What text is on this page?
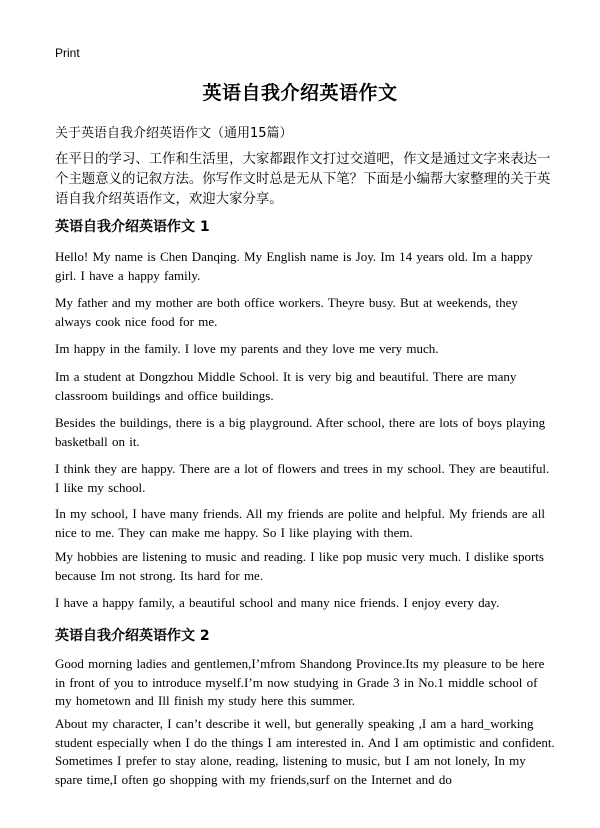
Print
英语自我介绍英语作文
关于英语自我介绍英语作文（通用15篇）

在平日的学习、工作和生活里，大家都跟作文打过交道吧，作文是通过文字来表达一个主题意义的记叙方法。你写作文时总是无从下笔？下面是小编帮大家整理的关于英语自我介绍英语作文，欢迎大家分享。

英语自我介绍英语作文 1

Hello! My name is Chen Danqing. My English name is Joy. Im 14 years old. Im a happy girl. I have a happy family.

My father and my mother are both office workers. Theyre busy. But at weekends, they always cook nice food for me.

Im happy in the family. I love my parents and they love me very much.

Im a student at Dongzhou Middle School. It is very big and beautiful. There are many classroom buildings and office buildings.

Besides the buildings, there is a big playground. After school, there are lots of boys playing basketball on it.

I think they are happy. There are a lot of flowers and trees in my school. They are beautiful. I like my school.

In my school, I have many friends. All my friends are polite and helpful. My friends are all nice to me. They can make me happy. So I like playing with them.

My hobbies are listening to music and reading. I like pop music very much. I dislike sports because Im not strong. Its hard for me.

I have a happy family, a beautiful school and many nice friends. I enjoy every day.

英语自我介绍英语作文 2

Good morning ladies and gentlemen,I’mfrom Shandong Province.Its my pleasure to be here in front of you to introduce myself.I’m now studying in Grade 3 in No.1 middle school of my hometown and Ill finish my study here this summer.

About my character, I can’t describe it well, but generally speaking ,I am a hard_working student especially when I do the things I am interested in. And I am optimistic and confident. Sometimes I prefer to stay alone, reading, listening to music, but I am not lonely, In my spare time,I often go shopping with my friends,surf on the Internet and do
